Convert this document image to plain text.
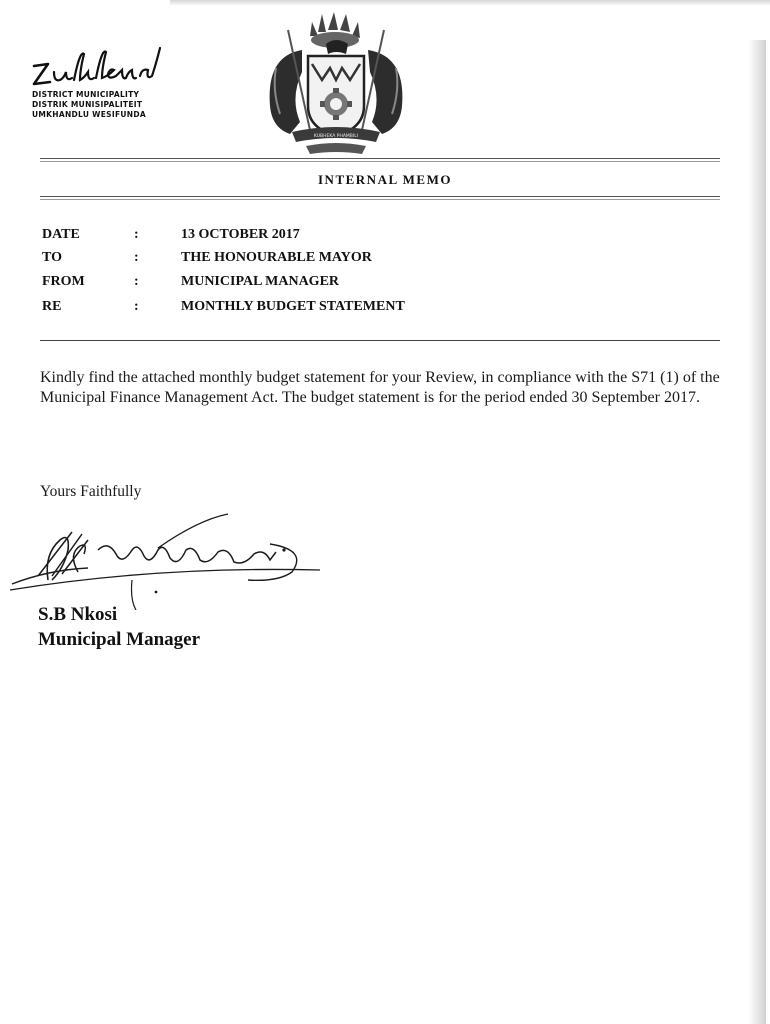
DISTRICT MUNICIPALITY
DISTRIK MUNISIPALITEIT
UMKHANDLU WESIFUNDA
KUBHEKA PHAMBILI
INTERNAL MEMO
DATE	:	13 OCTOBER 2017
TO	:	THE HONOURABLE MAYOR
FROM	:	MUNICIPAL MANAGER
RE	:	MONTHLY BUDGET STATEMENT
Kindly find the attached monthly budget statement for your Review, in compliance with the S71 (1) of the Municipal Finance Management Act. The budget statement is for the period ended 30 September 2017.
Yours Faithfully
S.B Nkosi
Municipal Manager
